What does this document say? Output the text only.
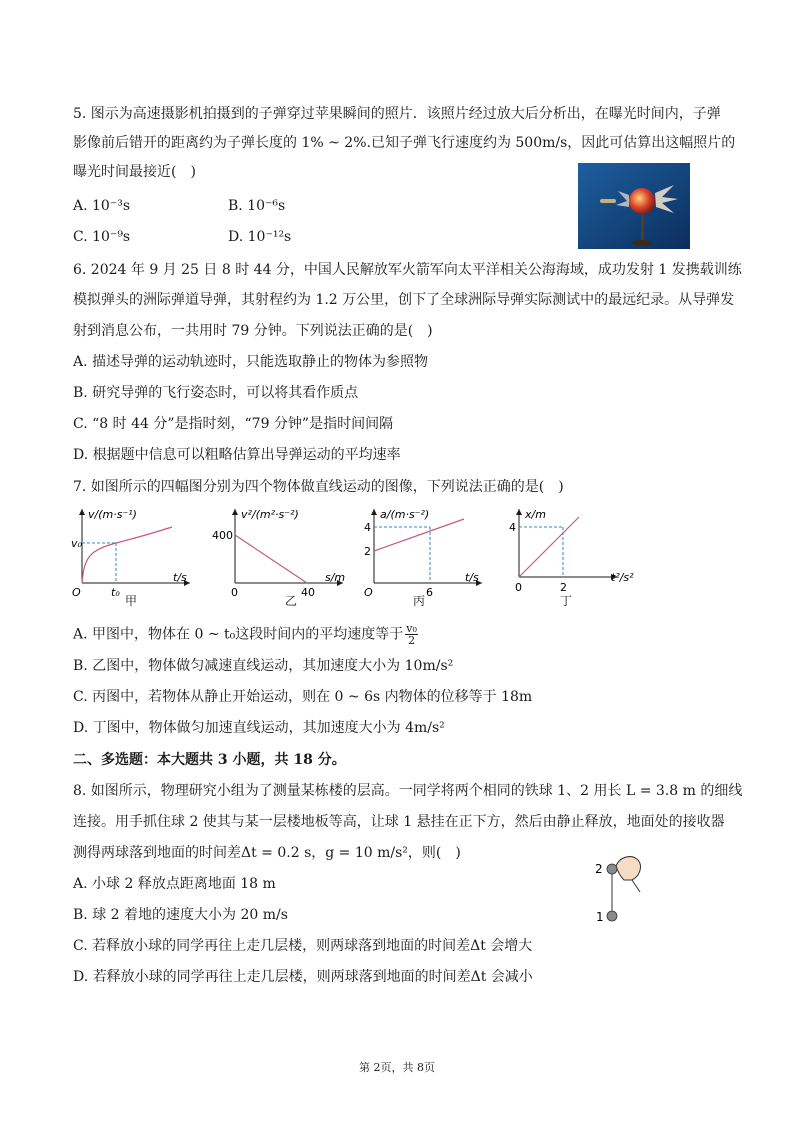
5. 图示为高速摄影机拍摄到的子弹穿过苹果瞬间的照片．该照片经过放大后分析出，在曝光时间内，子弹
影像前后错开的距离约为子弹长度的 1% ~ 2%.已知子弹飞行速度约为 500m/s，因此可估算出这幅照片的
曝光时间最接近(　)
A. 10⁻³s	B. 10⁻⁶s
C. 10⁻⁹s	D. 10⁻¹²s
6. 2024 年 9 月 25 日 8 时 44 分，中国人民解放军火箭军向太平洋相关公海海域，成功发射 1 发携载训练
模拟弹头的洲际弹道导弹，其射程约为 1.2 万公里，创下了全球洲际导弹实际测试中的最远纪录。从导弹发
射到消息公布，一共用时 79 分钟。下列说法正确的是(　)
A. 描述导弹的运动轨迹时，只能选取静止的物体为参照物
B. 研究导弹的飞行姿态时，可以将其看作质点
C. “8 时 44 分”是指时刻，“79 分钟”是指时间间隔
D. 根据题中信息可以粗略估算出导弹运动的平均速率
7. 如图所示的四幅图分别为四个物体做直线运动的图像，下列说法正确的是(　)
v/(m·s⁻¹)
t/s
v₀
t₀
O
甲
v²/(m²·s⁻²)
s/m
400
40
0
乙
a/(m·s⁻²)
t/s
4
2
6
O
丙
x/m
t²/s²
4
2
0
丁
A. 甲图中，物体在 0 ~ t₀这段时间内的平均速度等于 $\frac{\text{v₀}}{2}$
B. 乙图中，物体做匀减速直线运动，其加速度大小为 10m/s²
C. 丙图中，若物体从静止开始运动，则在 0 ~ 6s 内物体的位移等于 18m
D. 丁图中，物体做匀加速直线运动，其加速度大小为 4m/s²
二、多选题：本大题共 3 小题，共 18 分。
8. 如图所示，物理研究小组为了测量某栋楼的层高。一同学将两个相同的铁球 1、2 用长 L = 3.8 m 的细线
连接。用手抓住球 2 使其与某一层楼地板等高，让球 1 悬挂在正下方，然后由静止释放，地面处的接收器
测得两球落到地面的时间差Δt = 0.2 s，g = 10 m/s²，则(　)
A. 小球 2 释放点距离地面 18 m
B. 球 2 着地的速度大小为 20 m/s
C. 若释放小球的同学再往上走几层楼，则两球落到地面的时间差Δt 会增大
D. 若释放小球的同学再往上走几层楼，则两球落到地面的时间差Δt 会减小
2
1
第 2页，共 8页
